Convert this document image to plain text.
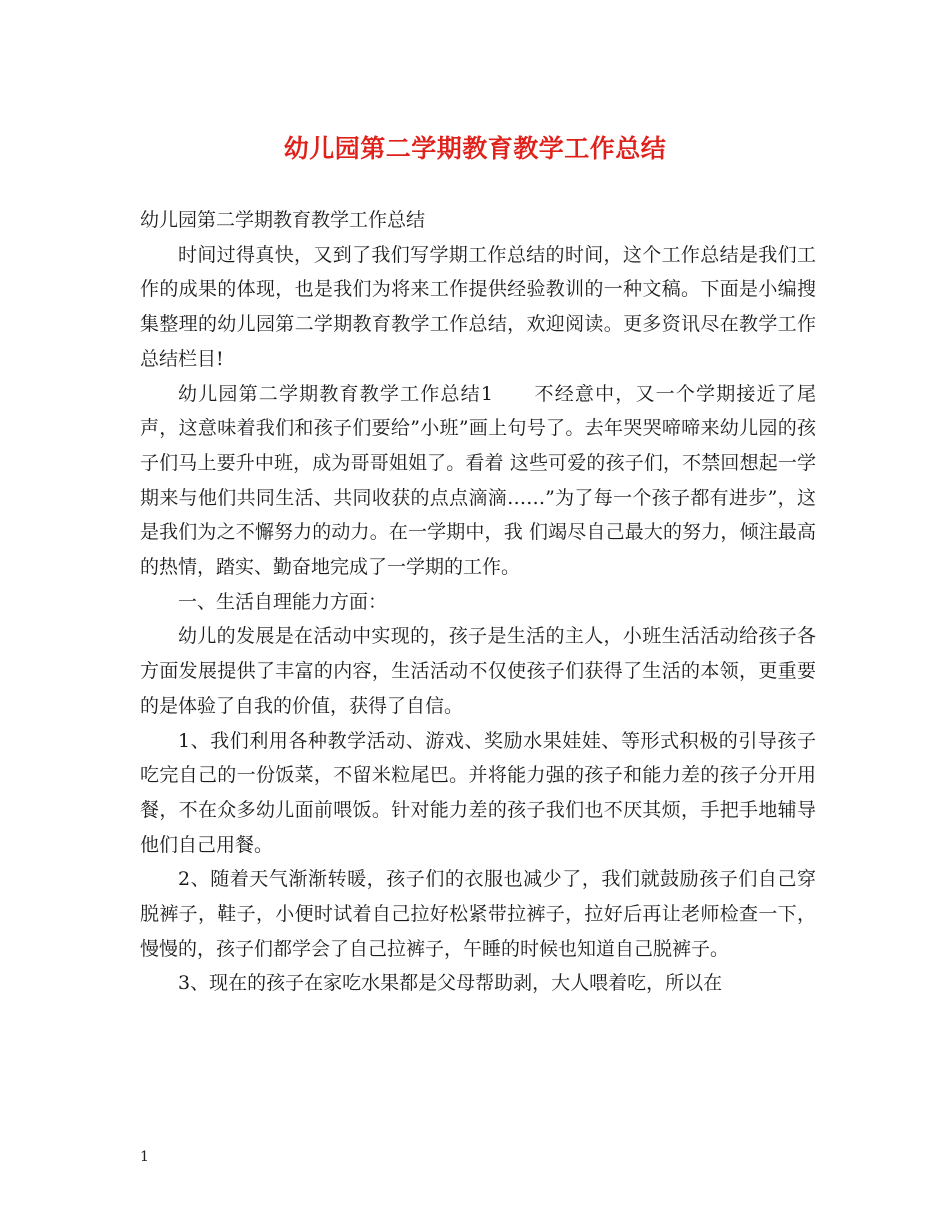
幼儿园第二学期教育教学工作总结

幼儿园第二学期教育教学工作总结

时间过得真快，又到了我们写学期工作总结的时间，这个工作总结是我们工作的成果的体现，也是我们为将来工作提供经验教训的一种文稿。下面是小编搜集整理的幼儿园第二学期教育教学工作总结，欢迎阅读。更多资讯尽在教学工作总结栏目!

幼儿园第二学期教育教学工作总结1　　不经意中，又一个学期接近了尾声，这意味着我们和孩子们要给”小班”画上句号了。去年哭哭啼啼来幼儿园的孩子们马上要升中班，成为哥哥姐姐了。看着 这些可爱的孩子们，不禁回想起一学期来与他们共同生活、共同收获的点点滴滴……”为了每一个孩子都有进步”，这是我们为之不懈努力的动力。在一学期中，我 们竭尽自己最大的努力，倾注最高的热情，踏实、勤奋地完成了一学期的工作。

一、生活自理能力方面：

幼儿的发展是在活动中实现的，孩子是生活的主人，小班生活活动给孩子各方面发展提供了丰富的内容，生活活动不仅使孩子们获得了生活的本领，更重要的是体验了自我的价值，获得了自信。

1、我们利用各种教学活动、游戏、奖励水果娃娃、等形式积极的引导孩子吃完自己的一份饭菜，不留米粒尾巴。并将能力强的孩子和能力差的孩子分开用 餐，不在众多幼儿面前喂饭。针对能力差的孩子我们也不厌其烦，手把手地辅导他们自己用餐。

2、随着天气渐渐转暖，孩子们的衣服也减少了，我们就鼓励孩子们自己穿脱裤子，鞋子，小便时试着自己拉好松紧带拉裤子，拉好后再让老师检查一下，慢慢的，孩子们都学会了自己拉裤子，午睡的时候也知道自己脱裤子。

3、现在的孩子在家吃水果都是父母帮助剥，大人喂着吃，所以在

1
